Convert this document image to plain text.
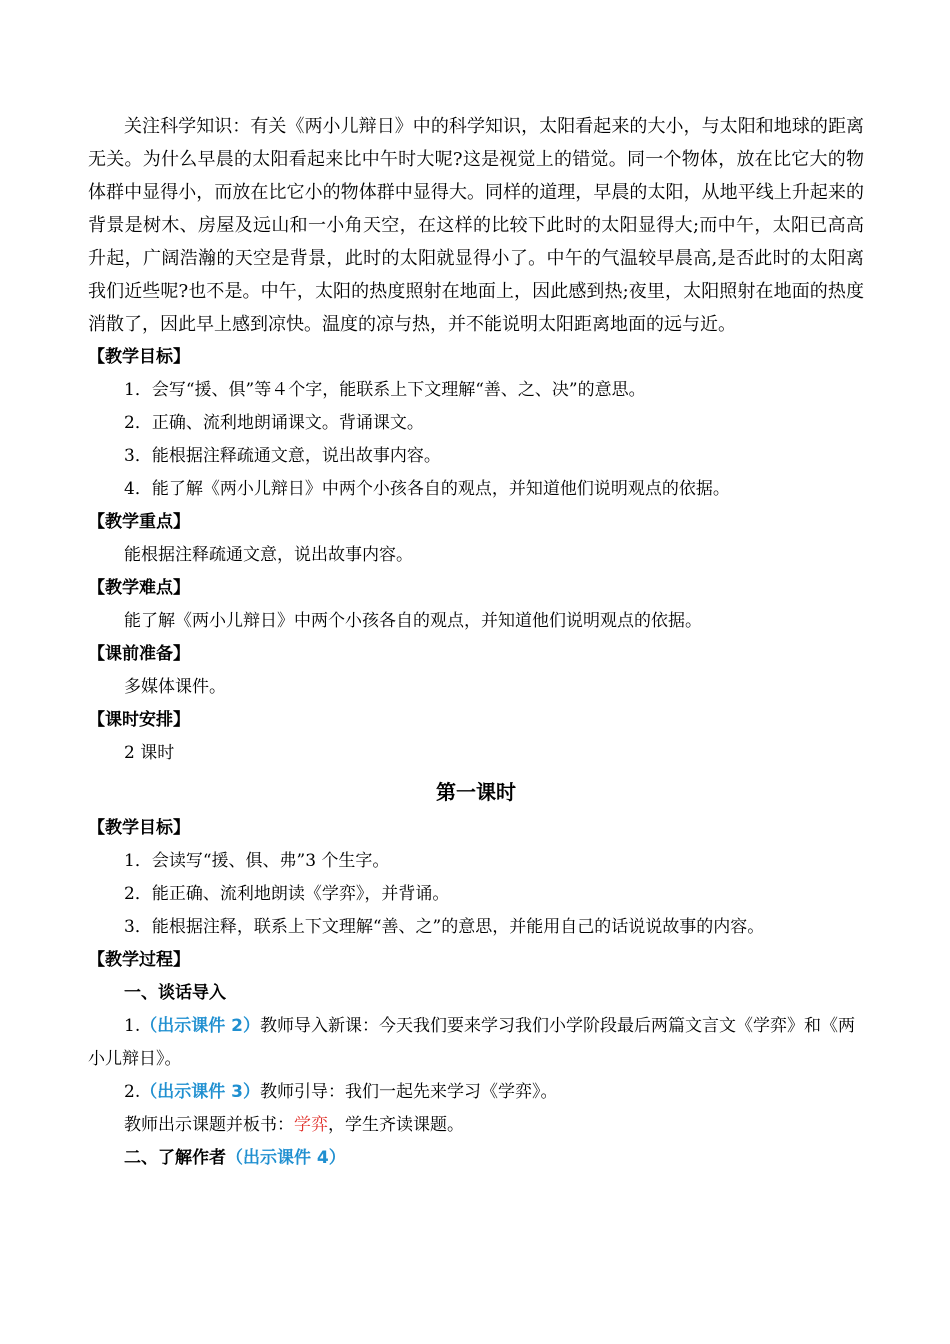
关注科学知识：有关《两小儿辩日》中的科学知识，太阳看起来的大小，与太阳和地球的距离无关。为什么早晨的太阳看起来比中午时大呢?这是视觉上的错觉。同一个物体，放在比它大的物体群中显得小，而放在比它小的物体群中显得大。同样的道理，早晨的太阳，从地平线上升起来的背景是树木、房屋及远山和一小角天空，在这样的比较下此时的太阳显得大;而中午，太阳已高高升起，广阔浩瀚的天空是背景，此时的太阳就显得小了。中午的气温较早晨高,是否此时的太阳离我们近些呢?也不是。中午，太阳的热度照射在地面上，因此感到热;夜里，太阳照射在地面的热度消散了，因此早上感到凉快。温度的凉与热，并不能说明太阳距离地面的远与近。

【教学目标】

1．会写“援、俱”等４个字，能联系上下文理解“善、之、决”的意思。

2．正确、流利地朗诵课文。背诵课文。

3．能根据注释疏通文意，说出故事内容。

4．能了解《两小儿辩日》中两个小孩各自的观点，并知道他们说明观点的依据。

【教学重点】

能根据注释疏通文意，说出故事内容。

【教学难点】

能了解《两小儿辩日》中两个小孩各自的观点，并知道他们说明观点的依据。

【课前准备】

多媒体课件。

【课时安排】

2 课时

第一课时

【教学目标】

1．会读写“援、俱、弗”3 个生字。

2．能正确、流利地朗读《学弈》，并背诵。

3．能根据注释，联系上下文理解“善、之”的意思，并能用自己的话说说故事的内容。

【教学过程】

一、谈话导入

1.（出示课件 2）教师导入新课：今天我们要来学习我们小学阶段最后两篇文言文《学弈》和《两小儿辩日》。

2.（出示课件 3）教师引导：我们一起先来学习《学弈》。

教师出示课题并板书：学弈，学生齐读课题。

二、了解作者（出示课件 4）
